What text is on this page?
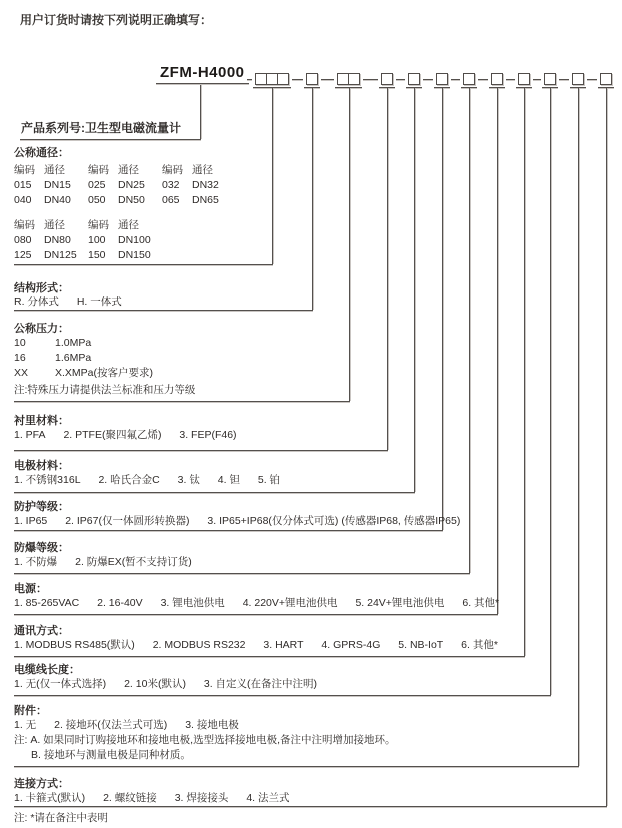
用户订货时请按下列说明正确填写：
ZFM-H4000
产品系列号:卫生型电磁流量计
公称通径：
编码 通径 编码 通径 编码 通径
015 DN15 025 DN25 032 DN32
040 DN40 050 DN50 065 DN65
编码 通径 编码 通径
080 DN80 100 DN100
125 DN125 150 DN150
结构形式：
R. 分体式 H. 一体式
公称压力：
10	1.0MPa
16	1.6MPa
XX	X.XMPa(按客户要求)
注:特殊压力请提供法兰标准和压力等级
衬里材料：
1. PFA 2. PTFE(聚四氟乙烯) 3. FEP(F46)
电极材料：
1. 不锈钢316L 2. 哈氏合金C 3. 钛 4. 钽 5. 铂
防护等级：
1. IP65 2. IP67(仅一体圆形转换器) 3. IP65+IP68(仅分体式可选) (传感器IP68, 传感器IP65)
防爆等级：
1. 不防爆 2. 防爆EX(暂不支持订货)
电源：
1. 85-265VAC 2. 16-40V 3. 锂电池供电 4. 220V+锂电池供电 5. 24V+锂电池供电 6. 其他*
通讯方式：
1. MODBUS RS485(默认) 2. MODBUS RS232 3. HART 4. GPRS-4G 5. NB-IoT 6. 其他*
电缆线长度：
1. 无(仅一体式选择) 2. 10米(默认) 3. 自定义(在备注中注明)
附件：
1. 无 2. 接地环(仅法兰式可选) 3. 接地电极
注: A. 如果同时订购接地环和接地电极,选型选择接地电极,备注中注明增加接地环。
B. 接地环与测量电极是同种材质。
连接方式：
1. 卡箍式(默认) 2. 螺纹链接 3. 焊接接头 4. 法兰式
注: *请在备注中表明
